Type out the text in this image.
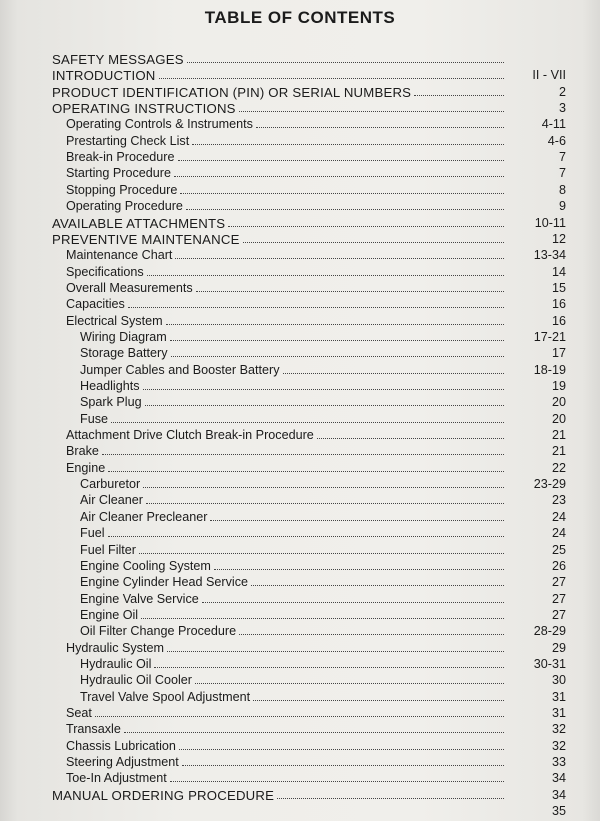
TABLE OF CONTENTS
SAFETY MESSAGES
INTRODUCTION	II - VII
PRODUCT IDENTIFICATION (PIN) OR SERIAL NUMBERS	2
OPERATING INSTRUCTIONS	3
Operating Controls & Instruments	4-11
Prestarting Check List	4-6
Break-in Procedure	7
Starting Procedure	7
Stopping Procedure	8
Operating Procedure	9
AVAILABLE ATTACHMENTS	10-11
PREVENTIVE MAINTENANCE	12
Maintenance Chart	13-34
Specifications	14
Overall Measurements	15
Capacities	16
Electrical System	16
Wiring Diagram	17-21
Storage Battery	17
Jumper Cables and Booster Battery	18-19
Headlights	19
Spark Plug	20
Fuse	20
Attachment Drive Clutch Break-in Procedure	21
Brake	21
Engine	22
Carburetor	23-29
Air Cleaner	23
Air Cleaner Precleaner	24
Fuel	24
Fuel Filter	25
Engine Cooling System	26
Engine Cylinder Head Service	27
Engine Valve Service	27
Engine Oil	27
Oil Filter Change Procedure	28-29
Hydraulic System	29
Hydraulic Oil	30-31
Hydraulic Oil Cooler	30
Travel Valve Spool Adjustment	31
Seat	31
Transaxle	32
Chassis Lubrication	32
Steering Adjustment	33
Toe-In Adjustment	34
MANUAL ORDERING PROCEDURE	34
35
